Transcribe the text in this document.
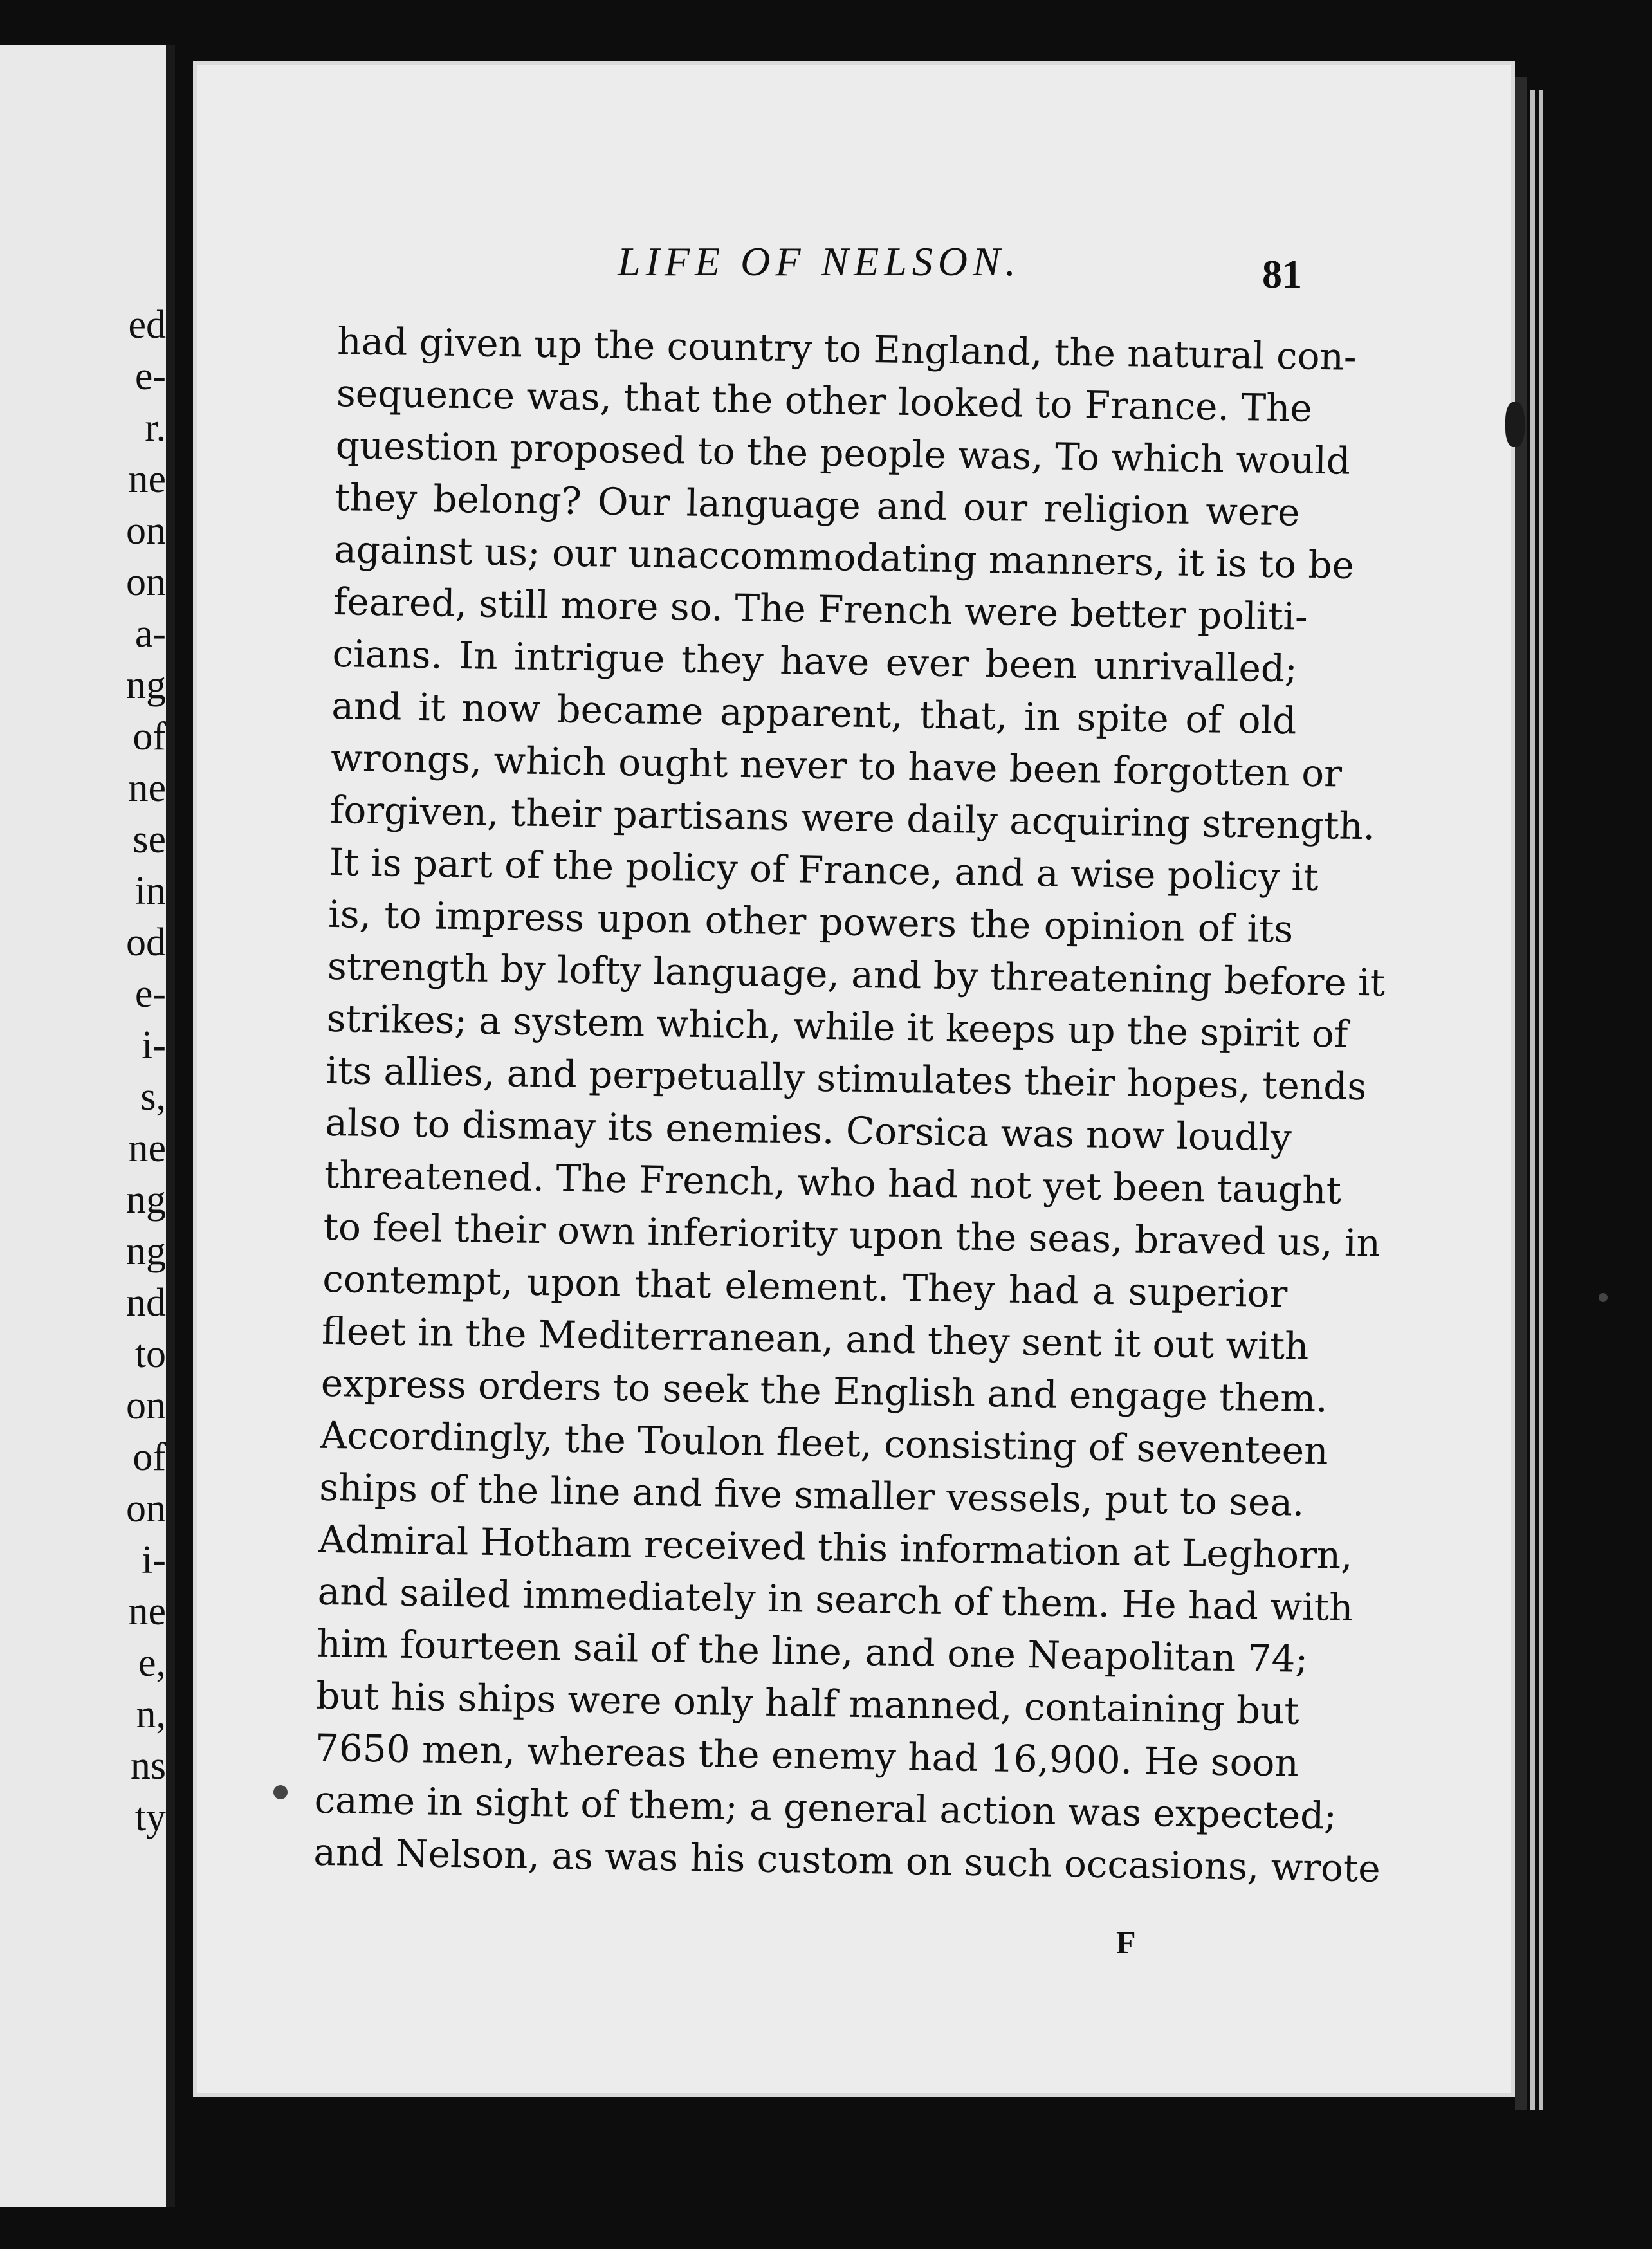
ed
e-
r.
ne
on
on
a-
ng
of
ne
se
in
od
e-
i-
s,
ne
ng
ng
nd
to
on
of
on
i-
ne
e,
n,
ns
ty
LIFE OF NELSON.	81
had given up the country to England, the natural con-
sequence was, that the other looked to France. The
question proposed to the people was, To which would
they belong? Our language and our religion were
against us; our unaccommodating manners, it is to be
feared, still more so. The French were better politi-
cians. In intrigue they have ever been unrivalled;
and it now became apparent, that, in spite of old
wrongs, which ought never to have been forgotten or
forgiven, their partisans were daily acquiring strength.
It is part of the policy of France, and a wise policy it
is, to impress upon other powers the opinion of its
strength by lofty language, and by threatening before it
strikes; a system which, while it keeps up the spirit of
its allies, and perpetually stimulates their hopes, tends
also to dismay its enemies. Corsica was now loudly
threatened. The French, who had not yet been taught
to feel their own inferiority upon the seas, braved us, in
contempt, upon that element. They had a superior
fleet in the Mediterranean, and they sent it out with
express orders to seek the English and engage them.
Accordingly, the Toulon fleet, consisting of seventeen
ships of the line and five smaller vessels, put to sea.
Admiral Hotham received this information at Leghorn,
and sailed immediately in search of them. He had with
him fourteen sail of the line, and one Neapolitan 74;
but his ships were only half manned, containing but
7650 men, whereas the enemy had 16,900. He soon
came in sight of them; a general action was expected;
and Nelson, as was his custom on such occasions, wrote
F
